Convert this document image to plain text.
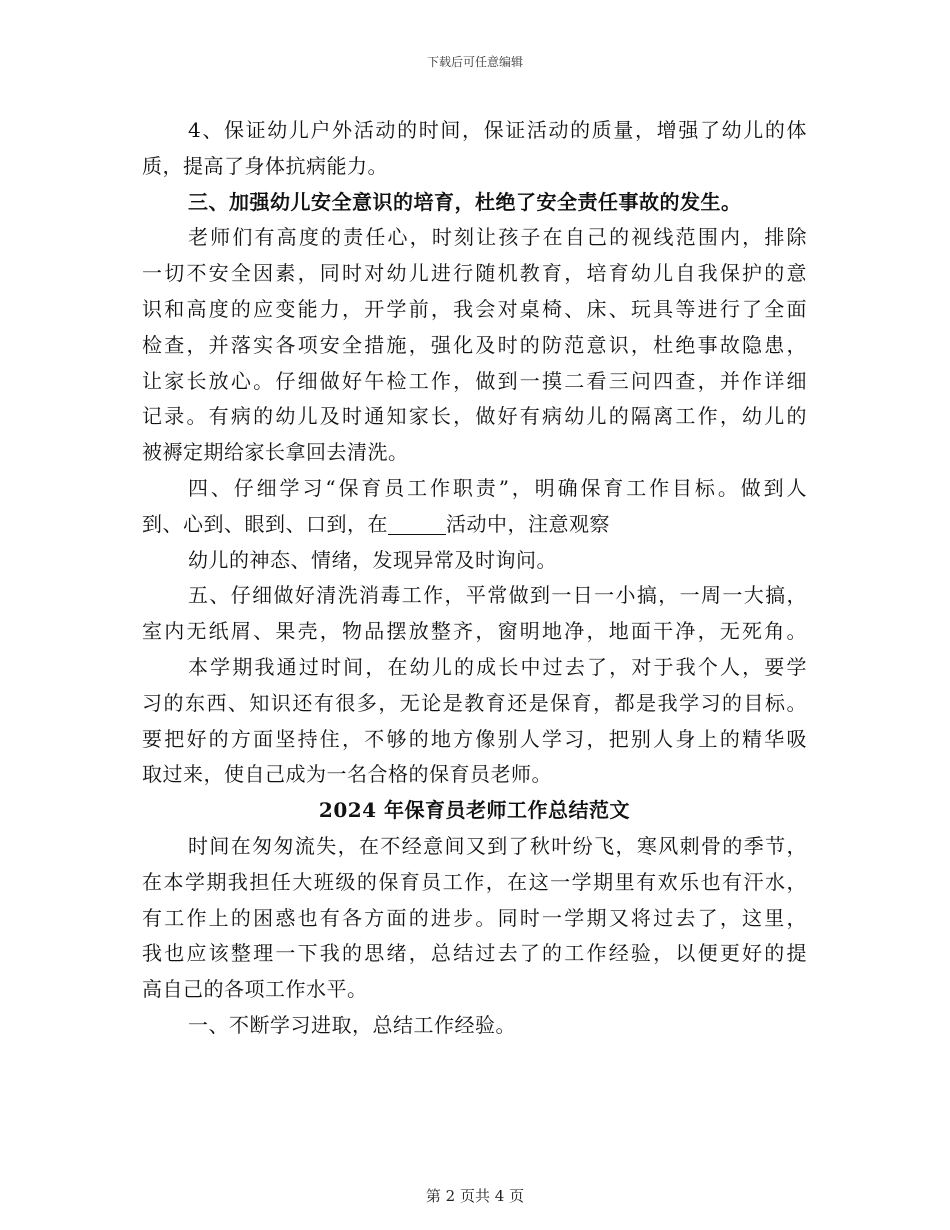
下载后可任意编辑
4、保证幼儿户外活动的时间，保证活动的质量，增强了幼儿的体
质，提高了身体抗病能力。
三、加强幼儿安全意识的培育，杜绝了安全责任事故的发生。
老师们有高度的责任心，时刻让孩子在自己的视线范围内，排除
一切不安全因素，同时对幼儿进行随机教育，培育幼儿自我保护的意
识和高度的应变能力，开学前，我会对桌椅、床、玩具等进行了全面
检查，并落实各项安全措施，强化及时的防范意识，杜绝事故隐患，
让家长放心。仔细做好午检工作，做到一摸二看三问四查，并作详细
记录。有病的幼儿及时通知家长，做好有病幼儿的隔离工作，幼儿的
被褥定期给家长拿回去清洗。
四、仔细学习“保育员工作职责”，明确保育工作目标。做到人
到、心到、眼到、口到，在	活动中，注意观察
幼儿的神态、情绪，发现异常及时询问。
五、仔细做好清洗消毒工作，平常做到一日一小搞，一周一大搞，
室内无纸屑、果壳，物品摆放整齐，窗明地净，地面干净，无死角。
本学期我通过时间，在幼儿的成长中过去了，对于我个人，要学
习的东西、知识还有很多，无论是教育还是保育，都是我学习的目标。
要把好的方面坚持住，不够的地方像别人学习，把别人身上的精华吸
取过来，使自己成为一名合格的保育员老师。
2024 年保育员老师工作总结范文
时间在匆匆流失，在不经意间又到了秋叶纷飞，寒风刺骨的季节，
在本学期我担任大班级的保育员工作，在这一学期里有欢乐也有汗水，
有工作上的困惑也有各方面的进步。同时一学期又将过去了，这里，
我也应该整理一下我的思绪，总结过去了的工作经验，以便更好的提
高自己的各项工作水平。
一、不断学习进取，总结工作经验。
第 2 页共 4 页
